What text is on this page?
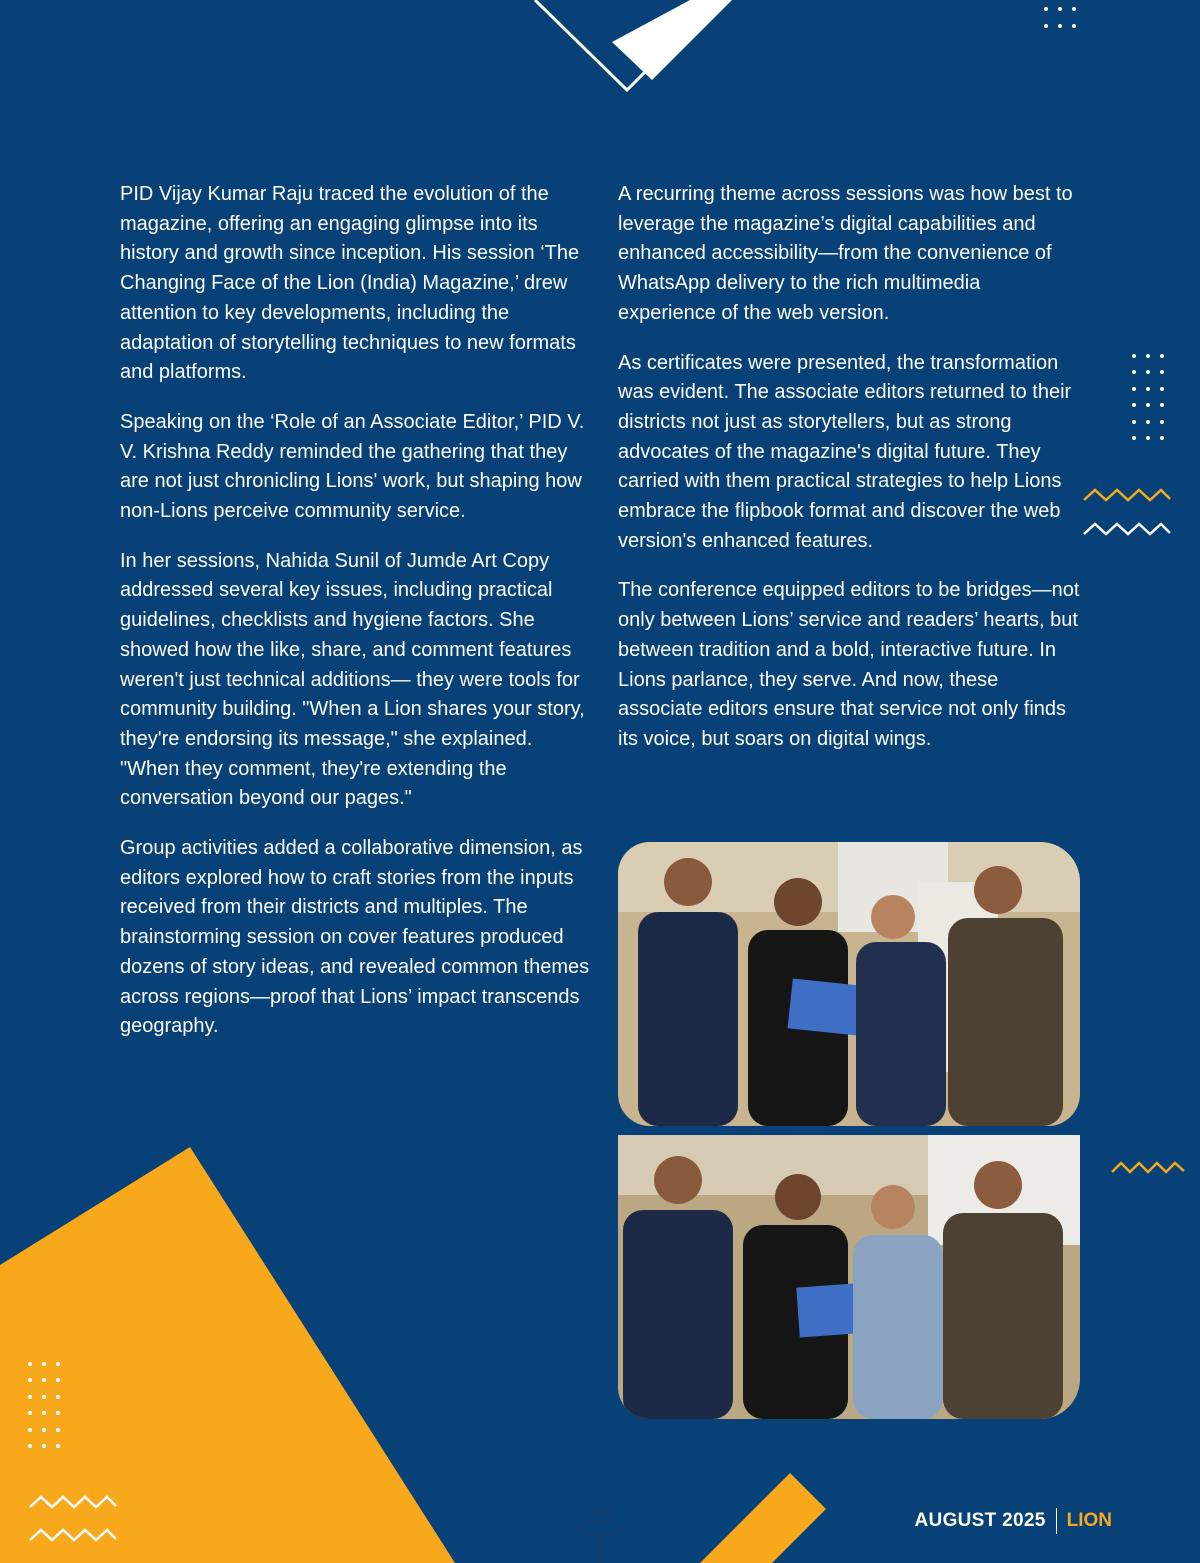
PID Vijay Kumar Raju traced the evolution of the magazine, offering an engaging glimpse into its history and growth since inception. His session ‘The Changing Face of the Lion (India) Magazine,’ drew attention to key developments, including the adaptation of storytelling techniques to new formats and platforms.

Speaking on the ‘Role of an Associate Editor,’ PID V. V. Krishna Reddy reminded the gathering that they are not just chronicling Lions' work, but shaping how non-Lions perceive community service.

In her sessions, Nahida Sunil of Jumde Art Copy addressed several key issues, including practical guidelines, checklists and hygiene factors. She showed how the like, share, and comment features weren't just technical additions— they were tools for community building. "When a Lion shares your story, they're endorsing its message," she explained. "When they comment, they're extending the conversation beyond our pages."

Group activities added a collaborative dimension, as editors explored how to craft stories from the inputs received from their districts and multiples. The brainstorming session on cover features produced dozens of story ideas, and revealed common themes across regions—proof that Lions’ impact transcends geography.

A recurring theme across sessions was how best to leverage the magazine’s digital capabilities and enhanced accessibility—from the convenience of WhatsApp delivery to the rich multimedia experience of the web version.

As certificates were presented, the transformation was evident. The associate editors returned to their districts not just as storytellers, but as strong advocates of the magazine's digital future. They carried with them practical strategies to help Lions embrace the flipbook format and discover the web version's enhanced features.

The conference equipped editors to be bridges—not only between Lions’ service and readers’ hearts, but between tradition and a bold, interactive future. In Lions parlance, they serve. And now, these associate editors ensure that service not only finds its voice, but soars on digital wings.

33	AUGUST 2025 LION
